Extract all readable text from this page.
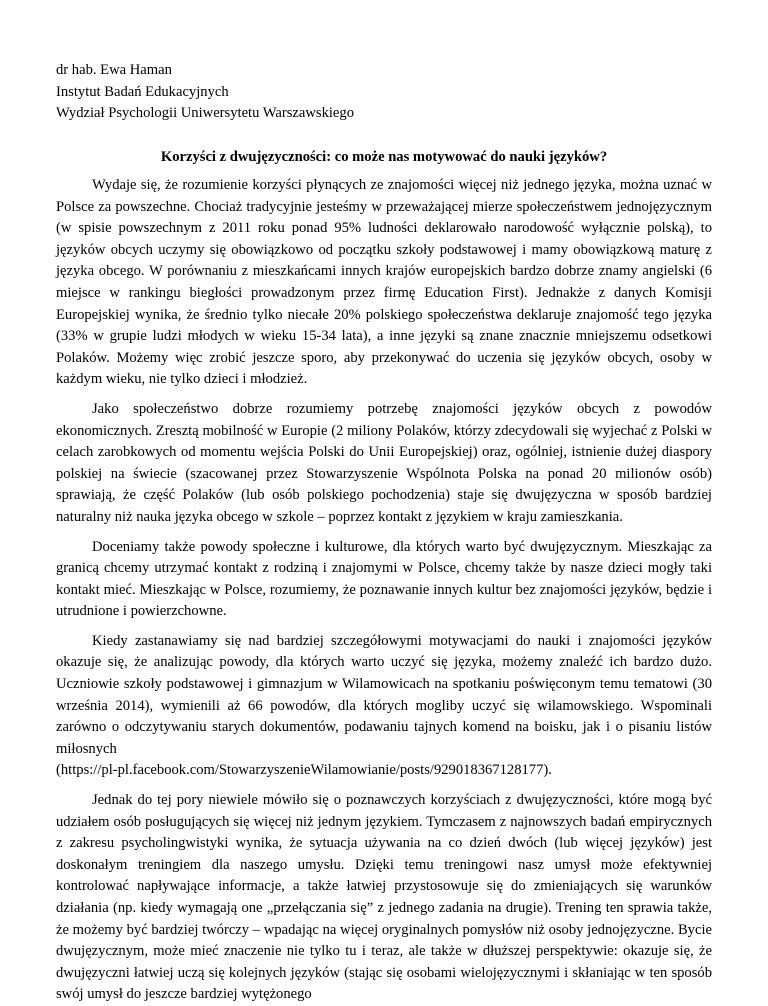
dr hab. Ewa Haman
Instytut Badań Edukacyjnych
Wydział Psychologii Uniwersytetu Warszawskiego
Korzyści z dwujęzyczności: co może nas motywować do nauki języków?

Wydaje się, że rozumienie korzyści płynących ze znajomości więcej niż jednego języka, można uznać w Polsce za powszechne. Chociaż tradycyjnie jesteśmy w przeważającej mierze społeczeństwem jednojęzycznym (w spisie powszechnym z 2011 roku ponad 95% ludności deklarowało narodowość wyłącznie polską), to języków obcych uczymy się obowiązkowo od początku szkoły podstawowej i mamy obowiązkową maturę z języka obcego. W porównaniu z mieszkańcami innych krajów europejskich bardzo dobrze znamy angielski (6 miejsce w rankingu biegłości prowadzonym przez firmę Education First). Jednakże z danych Komisji Europejskiej wynika, że średnio tylko niecałe 20% polskiego społeczeństwa deklaruje znajomość tego języka (33% w grupie ludzi młodych w wieku 15-34 lata), a inne języki są znane znacznie mniejszemu odsetkowi Polaków. Możemy więc zrobić jeszcze sporo, aby przekonywać do uczenia się języków obcych, osoby w każdym wieku, nie tylko dzieci i młodzież.

Jako społeczeństwo dobrze rozumiemy potrzebę znajomości języków obcych z powodów ekonomicznych. Zresztą mobilność w Europie (2 miliony Polaków, którzy zdecydowali się wyjechać z Polski w celach zarobkowych od momentu wejścia Polski do Unii Europejskiej) oraz, ogólniej, istnienie dużej diaspory polskiej na świecie (szacowanej przez Stowarzyszenie Wspólnota Polska na ponad 20 milionów osób) sprawiają, że część Polaków (lub osób polskiego pochodzenia) staje się dwujęzyczna w sposób bardziej naturalny niż nauka języka obcego w szkole – poprzez kontakt z językiem w kraju zamieszkania.

Doceniamy także powody społeczne i kulturowe, dla których warto być dwujęzycznym. Mieszkając za granicą chcemy utrzymać kontakt z rodziną i znajomymi w Polsce, chcemy także by nasze dzieci mogły taki kontakt mieć. Mieszkając w Polsce, rozumiemy, że poznawanie innych kultur bez znajomości języków, będzie i utrudnione i powierzchowne.

Kiedy zastanawiamy się nad bardziej szczegółowymi motywacjami do nauki i znajomości języków okazuje się, że analizując powody, dla których warto uczyć się języka, możemy znaleźć ich bardzo dużo. Uczniowie szkoły podstawowej i gimnazjum w Wilamowicach na spotkaniu poświęconym temu tematowi (30 września 2014), wymienili aż 66 powodów, dla których mogliby uczyć się wilamowskiego. Wspominali zarówno o odczytywaniu starych dokumentów, podawaniu tajnych komend na boisku, jak i o pisaniu listów miłosnych
(https://pl-pl.facebook.com/StowarzyszenieWilamowianie/posts/929018367128177).

Jednak do tej pory niewiele mówiło się o poznawczych korzyściach z dwujęzyczności, które mogą być udziałem osób posługujących się więcej niż jednym językiem. Tymczasem z najnowszych badań empirycznych z zakresu psycholingwistyki wynika, że sytuacja używania na co dzień dwóch (lub więcej języków) jest doskonałym treningiem dla naszego umysłu. Dzięki temu treningowi nasz umysł może efektywniej kontrolować napływające informacje, a także łatwiej przystosowuje się do zmieniających się warunków działania (np. kiedy wymagają one „przełączania się” z jednego zadania na drugie). Trening ten sprawia także, że możemy być bardziej twórczy – wpadając na więcej oryginalnych pomysłów niż osoby jednojęzyczne. Bycie dwujęzycznym, może mieć znaczenie nie tylko tu i teraz, ale także w dłuższej perspektywie: okazuje się, że dwujęzyczni łatwiej uczą się kolejnych języków (stając się osobami wielojęzycznymi i skłaniając w ten sposób swój umysł do jeszcze bardziej wytężonego
